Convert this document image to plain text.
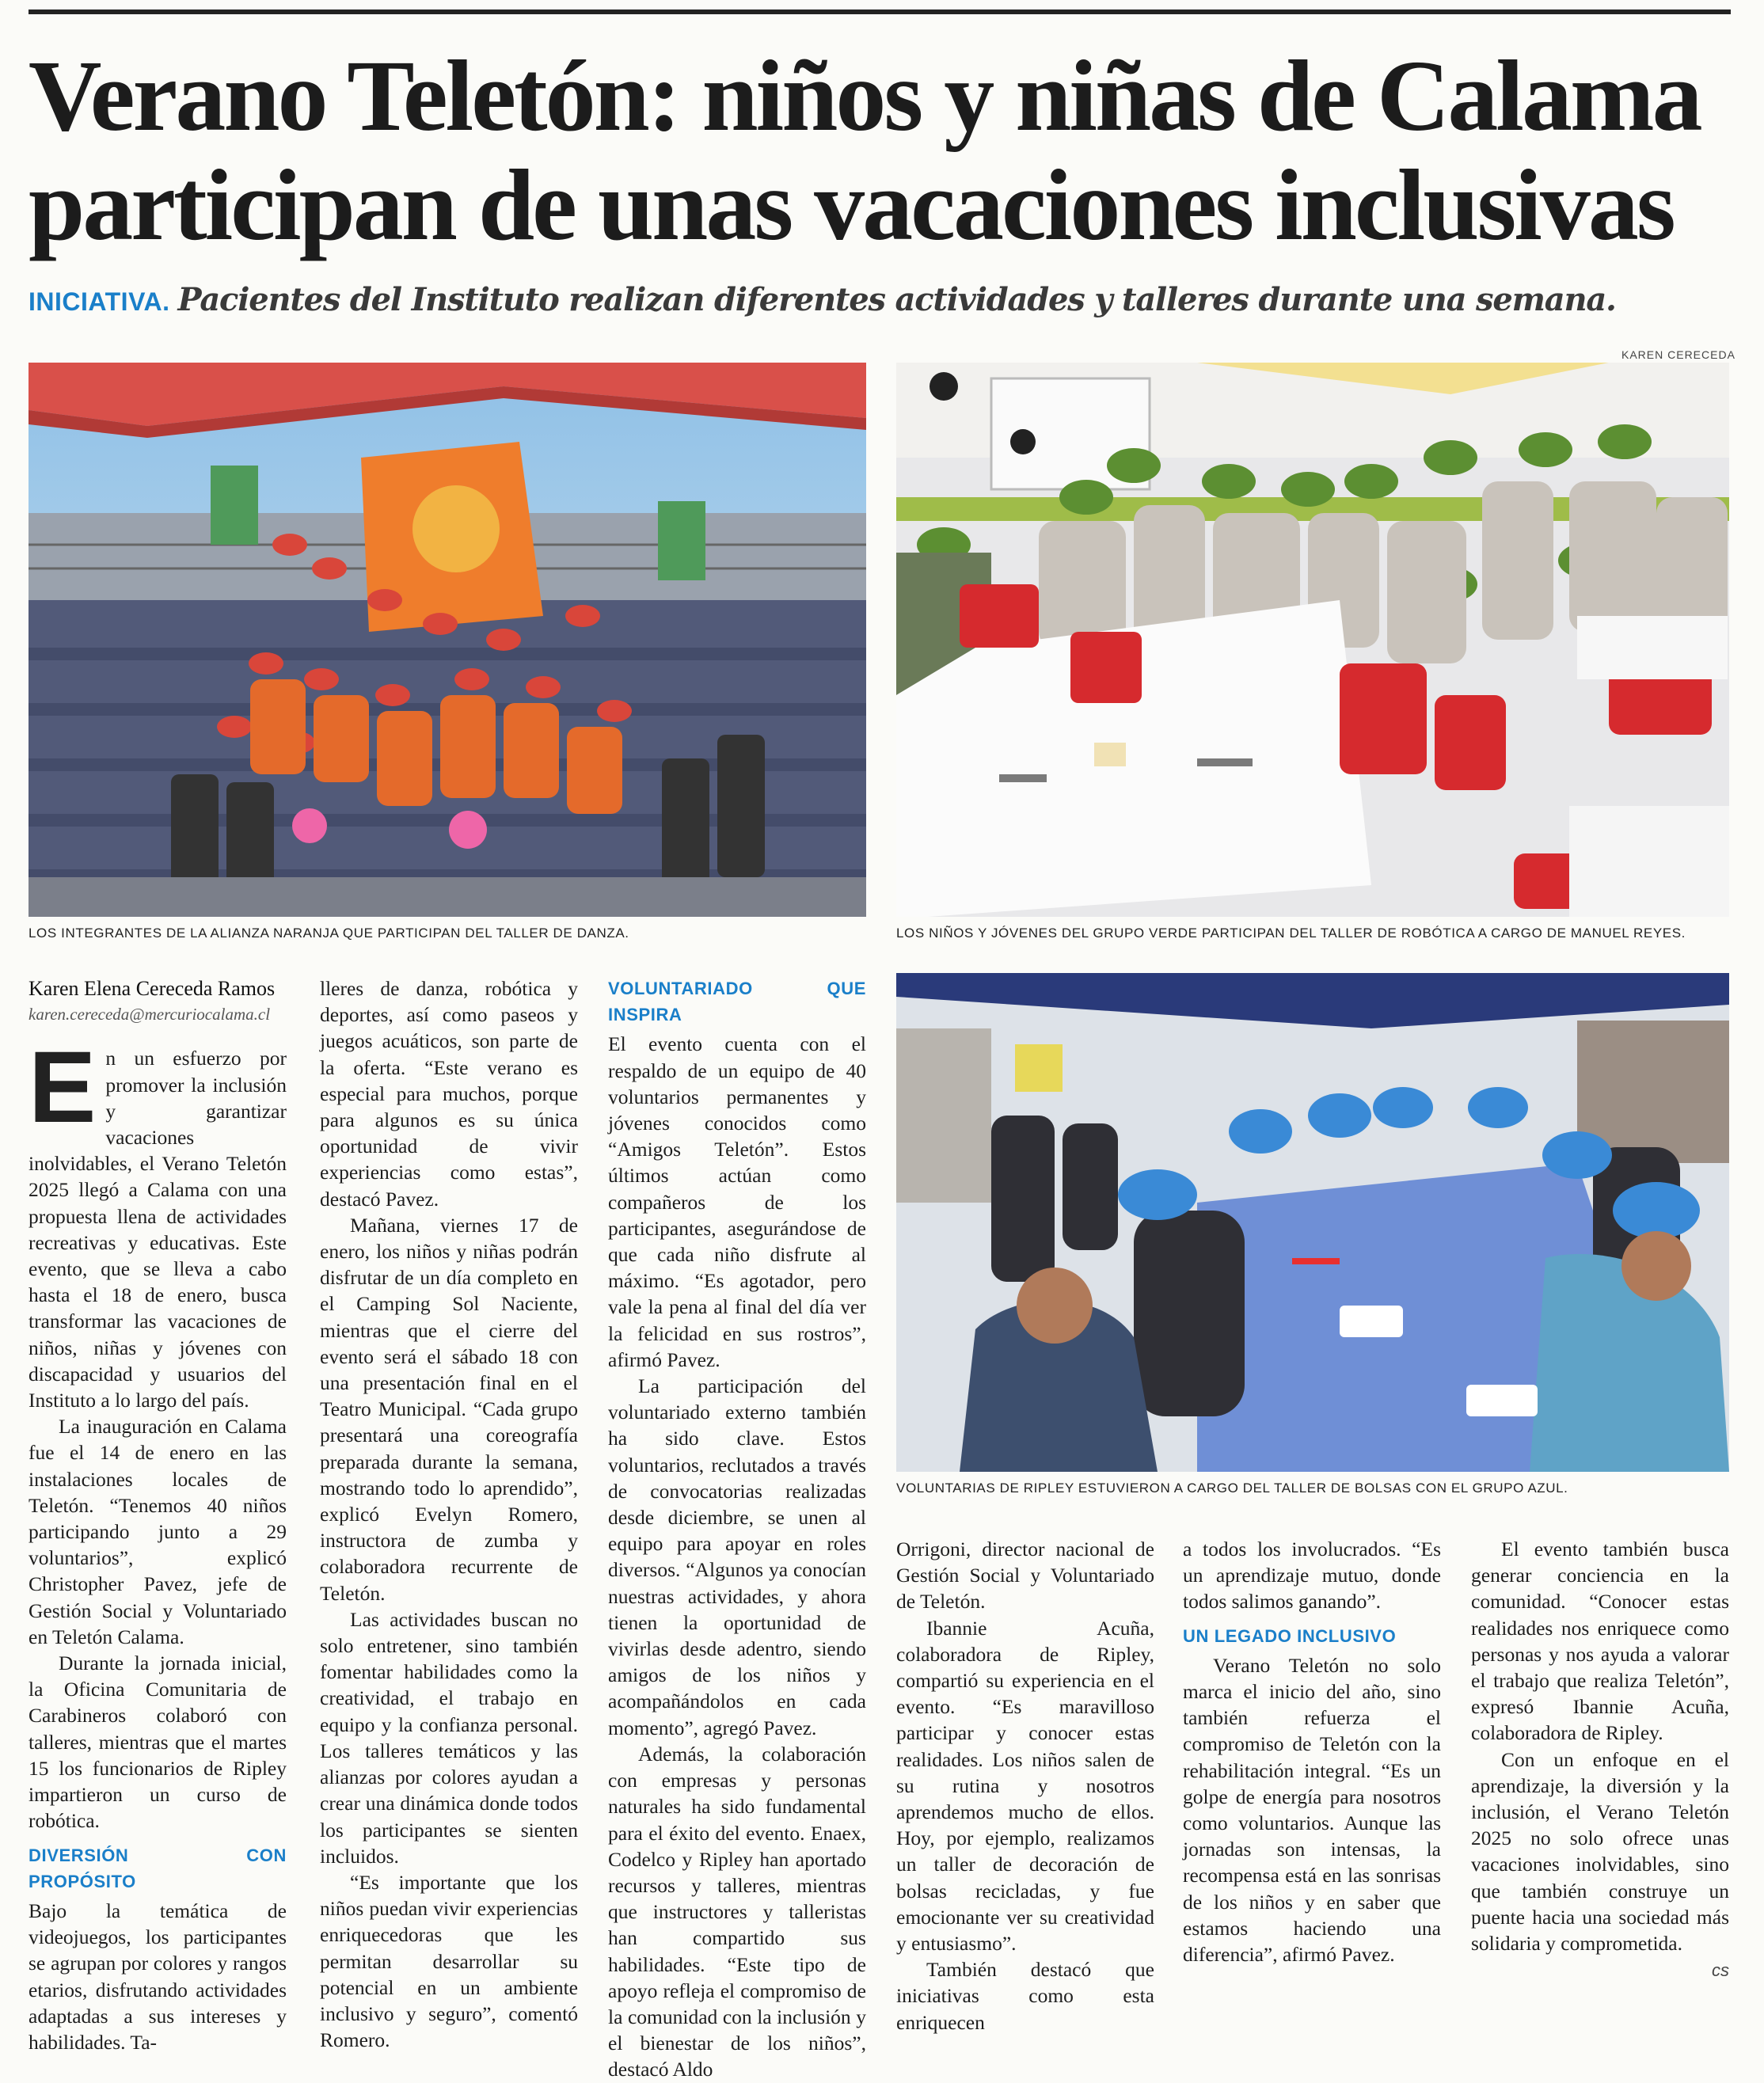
Verano Teletón: niños y niñas de Calama
participan de unas vacaciones inclusivas
INICIATIVA. Pacientes del Instituto realizan diferentes actividades y talleres durante una semana.
KAREN CERECEDA
LOS INTEGRANTES DE LA ALIANZA NARANJA QUE PARTICIPAN DEL TALLER DE DANZA.	LOS NIÑOS Y JÓVENES DEL GRUPO VERDE PARTICIPAN DEL TALLER DE ROBÓTICA A CARGO DE MANUEL REYES.
VOLUNTARIAS DE RIPLEY ESTUVIERON A CARGO DEL TALLER DE BOLSAS CON EL GRUPO AZUL.
Karen Elena Cereceda Ramos
karen.cereceda@mercuriocalama.cl

En un esfuerzo por promover la inclusión y garantizar vacaciones inolvidables, el Verano Teletón 2025 llegó a Calama con una propuesta llena de actividades recreativas y educativas. Este evento, que se lleva a cabo hasta el 18 de enero, busca transformar las vacaciones de niños, niñas y jóvenes con discapacidad y usuarios del Instituto a lo largo del país.

La inauguración en Calama fue el 14 de enero en las instalaciones locales de Teletón. “Tenemos 40 niños participando junto a 29 voluntarios”, explicó Christopher Pavez, jefe de Gestión Social y Voluntariado en Teletón Calama.

Durante la jornada inicial, la Oficina Comunitaria de Carabineros colaboró con talleres, mientras que el martes 15 los funcionarios de Ripley impartieron un curso de robótica.

DIVERSIÓN CON PROPÓSITO

Bajo la temática de videojuegos, los participantes se agrupan por colores y rangos etarios, disfrutando actividades adaptadas a sus intereses y habilidades. Ta-

lleres de danza, robótica y deportes, así como paseos y juegos acuáticos, son parte de la oferta. “Este verano es especial para muchos, porque para algunos es su única oportunidad de vivir experiencias como estas”, destacó Pavez.

Mañana, viernes 17 de enero, los niños y niñas podrán disfrutar de un día completo en el Camping Sol Naciente, mientras que el cierre del evento será el sábado 18 con una presentación final en el Teatro Municipal. “Cada grupo presentará una coreografía preparada durante la semana, mostrando todo lo aprendido”, explicó Evelyn Romero, instructora de zumba y colaboradora recurrente de Teletón.

Las actividades buscan no solo entretener, sino también fomentar habilidades como la creatividad, el trabajo en equipo y la confianza personal. Los talleres temáticos y las alianzas por colores ayudan a crear una dinámica donde todos los participantes se sienten incluidos.

“Es importante que los niños puedan vivir experiencias enriquecedoras que les permitan desarrollar su potencial en un ambiente inclusivo y seguro”, comentó Romero.

VOLUNTARIADO QUE INSPIRA

El evento cuenta con el respaldo de un equipo de 40 voluntarios permanentes y jóvenes conocidos como “Amigos Teletón”. Estos últimos actúan como compañeros de los participantes, asegurándose de que cada niño disfrute al máximo. “Es agotador, pero vale la pena al final del día ver la felicidad en sus rostros”, afirmó Pavez.

La participación del voluntariado externo también ha sido clave. Estos voluntarios, reclutados a través de convocatorias realizadas desde diciembre, se unen al equipo para apoyar en roles diversos. “Algunos ya conocían nuestras actividades, y ahora tienen la oportunidad de vivirlas desde adentro, siendo amigos de los niños y acompañándolos en cada momento”, agregó Pavez.

Además, la colaboración con empresas y personas naturales ha sido fundamental para el éxito del evento. Enaex, Codelco y Ripley han aportado recursos y talleres, mientras que instructores y talleristas han compartido sus habilidades. “Este tipo de apoyo refleja el compromiso de la comunidad con la inclusión y el bienestar de los niños”, destacó Aldo

Orrigoni, director nacional de Gestión Social y Voluntariado de Teletón.

Ibannie Acuña, colaboradora de Ripley, compartió su experiencia en el evento. “Es maravilloso participar y conocer estas realidades. Los niños salen de su rutina y nosotros aprendemos mucho de ellos. Hoy, por ejemplo, realizamos un taller de decoración de bolsas recicladas, y fue emocionante ver su creatividad y entusiasmo”.

También destacó que iniciativas como esta enriquecen

a todos los involucrados. “Es un aprendizaje mutuo, donde todos salimos ganando”.

UN LEGADO INCLUSIVO

Verano Teletón no solo marca el inicio del año, sino también refuerza el compromiso de Teletón con la rehabilitación integral. “Es un golpe de energía para nosotros como voluntarios. Aunque las jornadas son intensas, la recompensa está en las sonrisas de los niños y en saber que estamos haciendo una diferencia”, afirmó Pavez.

El evento también busca generar conciencia en la comunidad. “Conocer estas realidades nos enriquece como personas y nos ayuda a valorar el trabajo que realiza Teletón”, expresó Ibannie Acuña, colaboradora de Ripley.

Con un enfoque en el aprendizaje, la diversión y la inclusión, el Verano Teletón 2025 no solo ofrece unas vacaciones inolvidables, sino que también construye un puente hacia una sociedad más solidaria y comprometida.

cs
